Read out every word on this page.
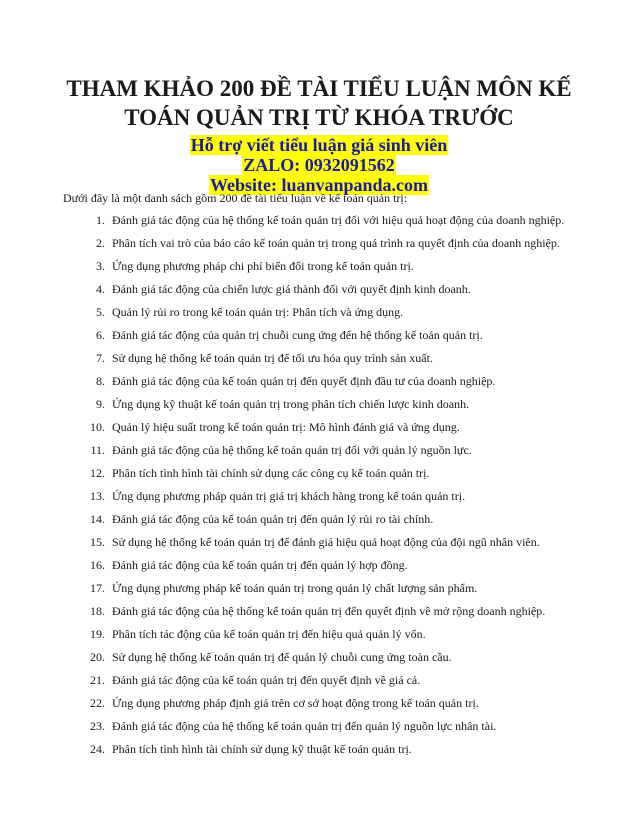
THAM KHẢO 200 ĐỀ TÀI TIỂU LUẬN MÔN KẾ
TOÁN QUẢN TRỊ TỪ KHÓA TRƯỚC
Hỗ trợ viết tiểu luận giá sinh viên
ZALO: 0932091562
Website: luanvanpanda.com
Dưới đây là một danh sách gồm 200 đề tài tiểu luận về kế toán quản trị:
1. Đánh giá tác động của hệ thống kế toán quản trị đối với hiệu quả hoạt động của doanh nghiệp.
2. Phân tích vai trò của báo cáo kế toán quản trị trong quá trình ra quyết định của doanh nghiệp.
3. Ứng dụng phương pháp chi phí biến đổi trong kế toán quản trị.
4. Đánh giá tác động của chiến lược giá thành đối với quyết định kinh doanh.
5. Quản lý rủi ro trong kế toán quản trị: Phân tích và ứng dụng.
6. Đánh giá tác động của quản trị chuỗi cung ứng đến hệ thống kế toán quản trị.
7. Sử dụng hệ thống kế toán quản trị để tối ưu hóa quy trình sản xuất.
8. Đánh giá tác động của kế toán quản trị đến quyết định đầu tư của doanh nghiệp.
9. Ứng dụng kỹ thuật kế toán quản trị trong phân tích chiến lược kinh doanh.
10. Quản lý hiệu suất trong kế toán quản trị: Mô hình đánh giá và ứng dụng.
11. Đánh giá tác động của hệ thống kế toán quản trị đối với quản lý nguồn lực.
12. Phân tích tình hình tài chính sử dụng các công cụ kế toán quản trị.
13. Ứng dụng phương pháp quản trị giá trị khách hàng trong kế toán quản trị.
14. Đánh giá tác động của kế toán quản trị đến quản lý rủi ro tài chính.
15. Sử dụng hệ thống kế toán quản trị để đánh giá hiệu quả hoạt động của đội ngũ nhân viên.
16. Đánh giá tác động của kế toán quản trị đến quản lý hợp đồng.
17. Ứng dụng phương pháp kế toán quản trị trong quản lý chất lượng sản phẩm.
18. Đánh giá tác động của hệ thống kế toán quản trị đến quyết định về mở rộng doanh nghiệp.
19. Phân tích tác động của kế toán quản trị đến hiệu quả quản lý vốn.
20. Sử dụng hệ thống kế toán quản trị để quản lý chuỗi cung ứng toàn cầu.
21. Đánh giá tác động của kế toán quản trị đến quyết định về giá cả.
22. Ứng dụng phương pháp định giá trên cơ sở hoạt động trong kế toán quản trị.
23. Đánh giá tác động của hệ thống kế toán quản trị đến quản lý nguồn lực nhân tài.
24. Phân tích tình hình tài chính sử dụng kỹ thuật kế toán quản trị.
